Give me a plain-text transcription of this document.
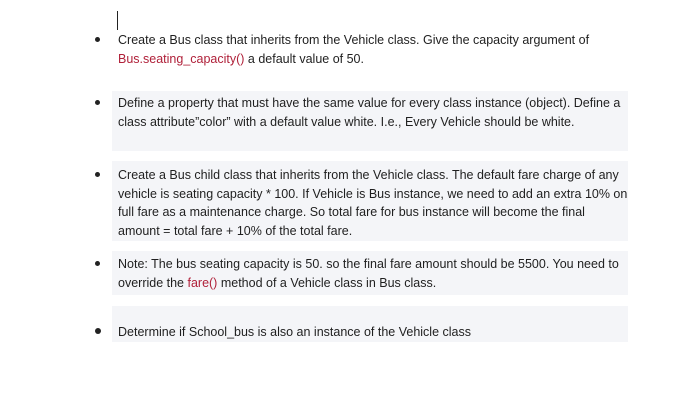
Create a Bus class that inherits from the Vehicle class. Give the capacity argument of Bus.seating_capacity() a default value of 50.
Define a property that must have the same value for every class instance (object). Define a class attribute”color” with a default value white. I.e., Every Vehicle should be white.
Create a Bus child class that inherits from the Vehicle class. The default fare charge of any vehicle is seating capacity * 100. If Vehicle is Bus instance, we need to add an extra 10% on full fare as a maintenance charge. So total fare for bus instance will become the final amount = total fare + 10% of the total fare.
Note: The bus seating capacity is 50. so the final fare amount should be 5500. You need to override the fare() method of a Vehicle class in Bus class.
Determine if School_bus is also an instance of the Vehicle class
